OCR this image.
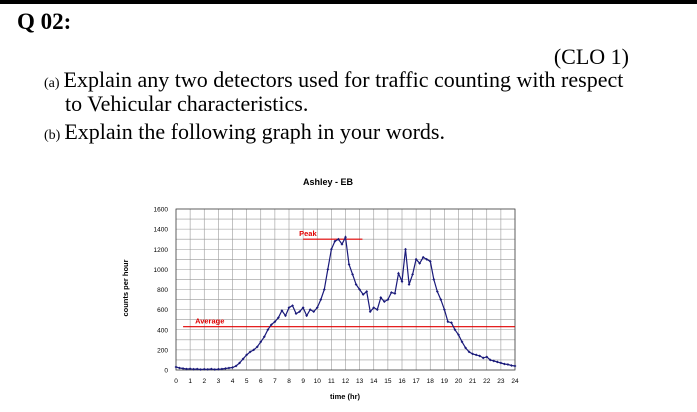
Q 02:
(CLO 1)
(a) Explain any two detectors used for traffic counting with respect
to Vehicular characteristics.
(b) Explain the following graph in your words.
Ashley - EB
0
200
400
600
800
1000
1200
1400
1600
0 1 2 3 4 5 6 7 8 9 10 11 12 13 14 15 16 17 18 19 20 21 22 23 24
counts per hour
time (hr)
Peak
Average
